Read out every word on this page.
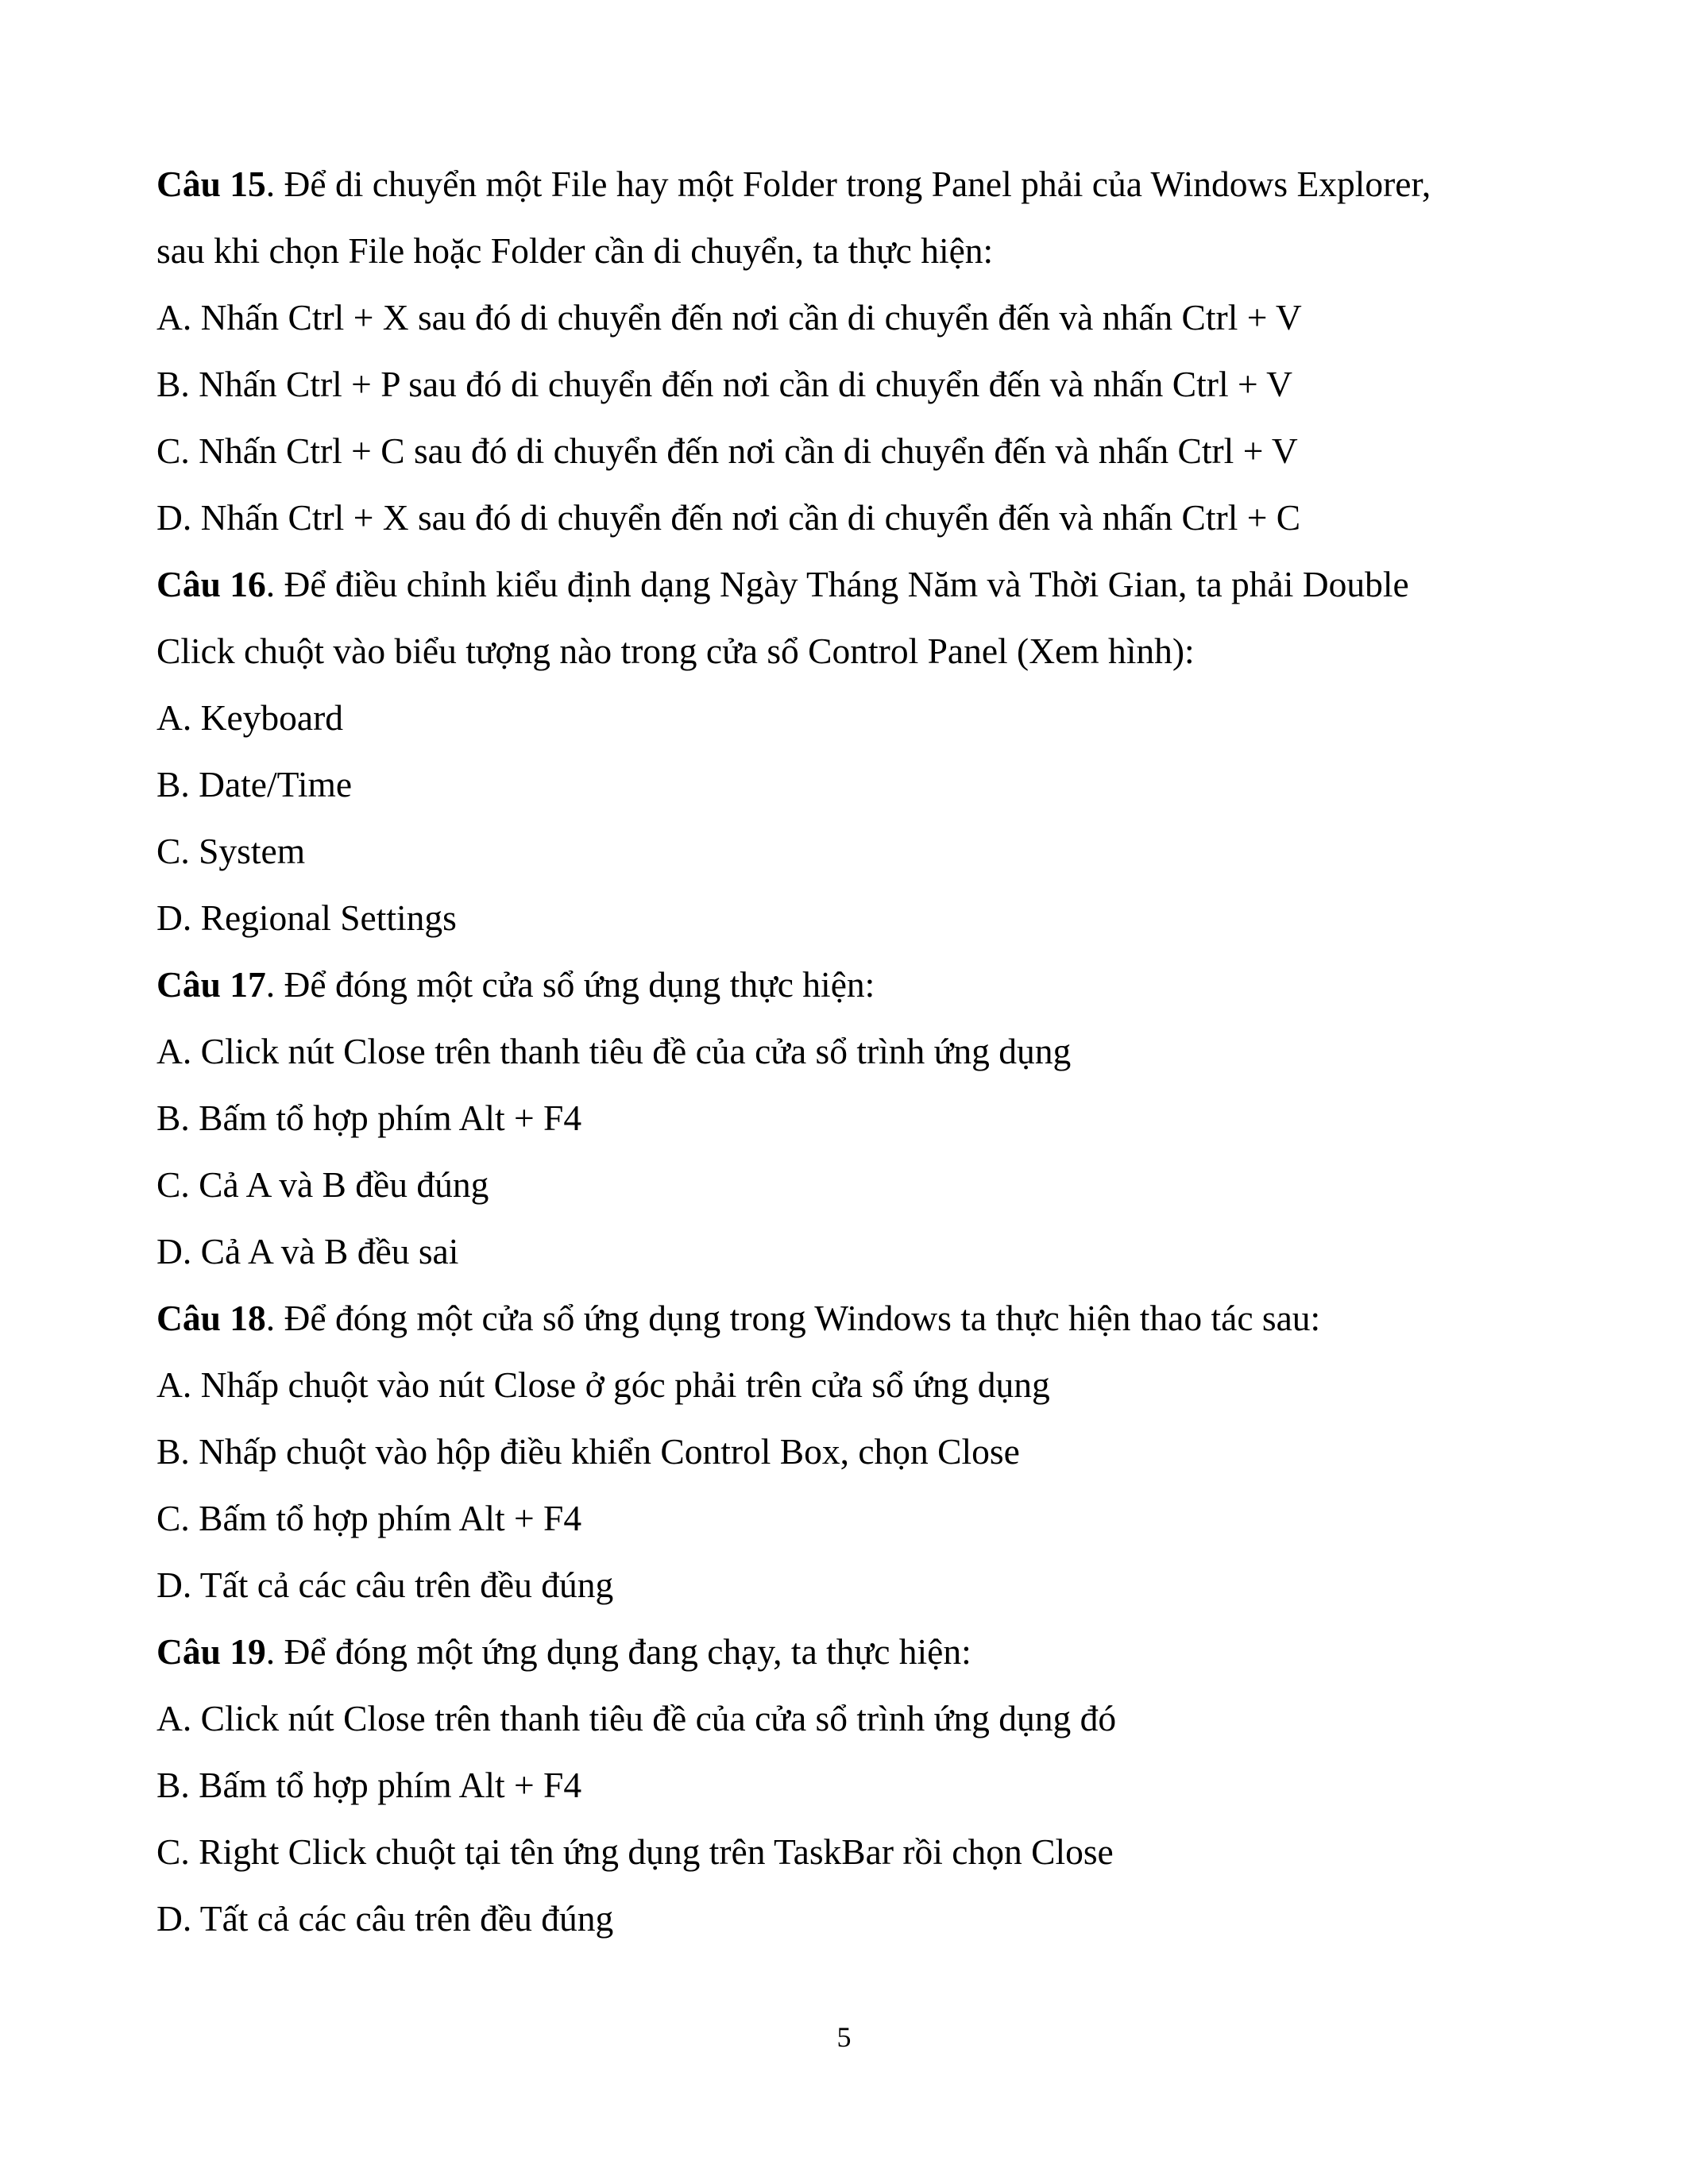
Câu 15. Để di chuyển một File hay một Folder trong Panel phải của Windows Explorer,
sau khi chọn File hoặc Folder cần di chuyển, ta thực hiện:
A. Nhấn Ctrl + X sau đó di chuyển đến nơi cần di chuyển đến và nhấn Ctrl + V
B. Nhấn Ctrl + P sau đó di chuyển đến nơi cần di chuyển đến và nhấn Ctrl + V
C. Nhấn Ctrl + C sau đó di chuyển đến nơi cần di chuyển đến và nhấn Ctrl + V
D. Nhấn Ctrl + X sau đó di chuyển đến nơi cần di chuyển đến và nhấn Ctrl + C
Câu 16. Để điều chỉnh kiểu định dạng Ngày Tháng Năm và Thời Gian, ta phải Double
Click chuột vào biểu tượng nào trong cửa sổ Control Panel (Xem hình):
A. Keyboard
B. Date/Time
C. System
D. Regional Settings
Câu 17. Để đóng một cửa sổ ứng dụng thực hiện:
A. Click nút Close trên thanh tiêu đề của cửa sổ trình ứng dụng
B. Bấm tổ hợp phím Alt + F4
C. Cả A và B đều đúng
D. Cả A và B đều sai
Câu 18. Để đóng một cửa sổ ứng dụng trong Windows ta thực hiện thao tác sau:
A. Nhấp chuột vào nút Close ở góc phải trên cửa sổ ứng dụng
B. Nhấp chuột vào hộp điều khiển Control Box, chọn Close
C. Bấm tổ hợp phím Alt + F4
D. Tất cả các câu trên đều đúng
Câu 19. Để đóng một ứng dụng đang chạy, ta thực hiện:
A. Click nút Close trên thanh tiêu đề của cửa sổ trình ứng dụng đó
B. Bấm tổ hợp phím Alt + F4
C. Right Click chuột tại tên ứng dụng trên TaskBar rồi chọn Close
D. Tất cả các câu trên đều đúng
5
